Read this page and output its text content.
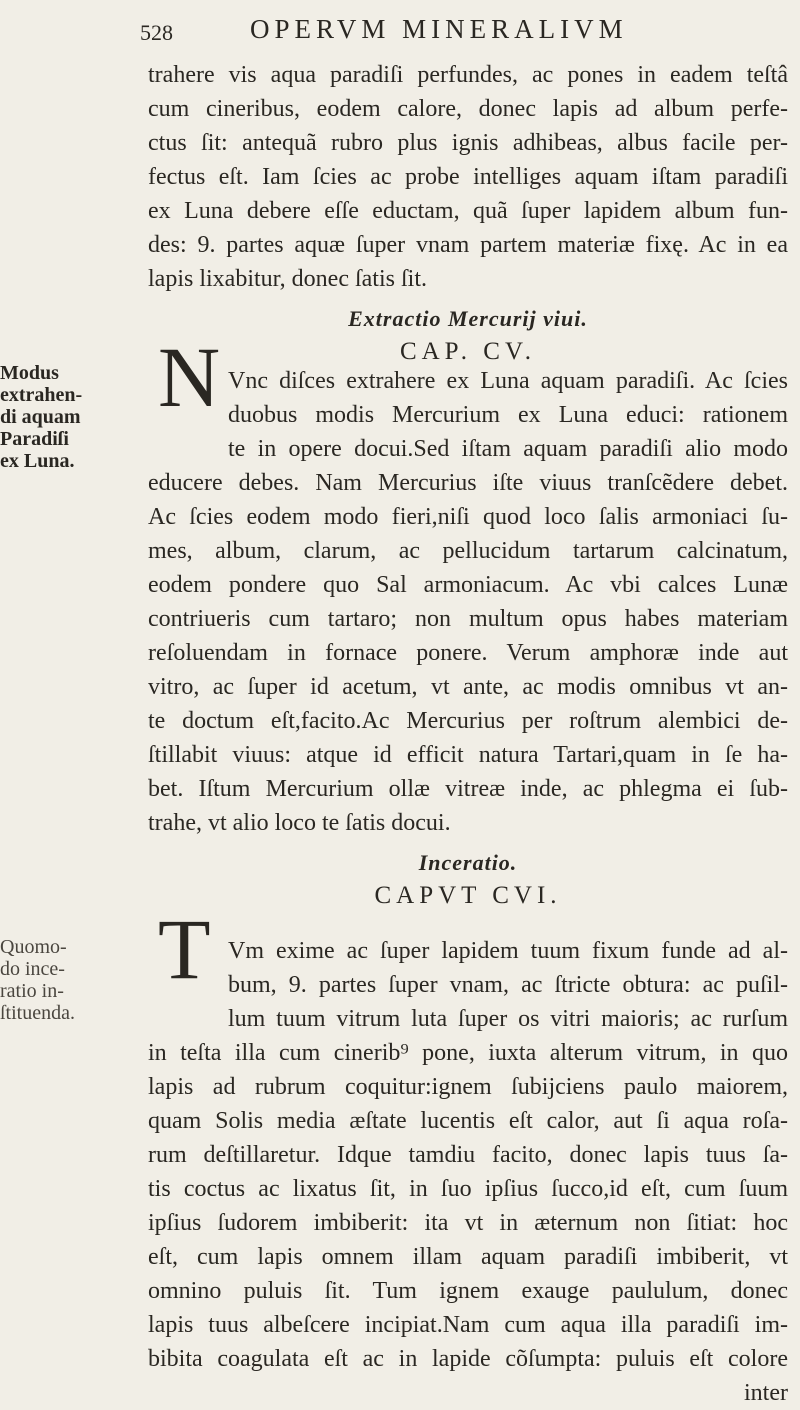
528	OPERVM MINERALIVM
trahere vis aqua paradiſi perfundes, ac pones in eadem teſtâ
cum cineribus, eodem calore, donec lapis ad album perfe-
ctus ſit: antequã rubro plus ignis adhibeas, albus facile per-
fectus eſt. Iam ſcies ac probe intelliges aquam iſtam paradiſi
ex Luna debere eſſe eductam, quã ſuper lapidem album fun-
des: 9. partes aquæ ſuper vnam partem materiæ fixę. Ac in ea
lapis lixabitur, donec ſatis ſit.
Extractio Mercurij viui.
CAP. CV.
Modus
extrahen-
di aquam
Paradiſi
ex Luna.
N Vnc diſces extrahere ex Luna aquam paradiſi. Ac ſcies
duobus modis Mercurium ex Luna educi: rationem
te in opere docui.Sed iſtam aquam paradiſi alio modo
educere debes. Nam Mercurius iſte viuus tranſcẽdere debet.
Ac ſcies eodem modo fieri,niſi quod loco ſalis armoniaci ſu-
mes, album, clarum, ac pellucidum tartarum calcinatum,
eodem pondere quo Sal armoniacum. Ac vbi calces Lunæ
contriueris cum tartaro; non multum opus habes materiam
reſoluendam in fornace ponere. Verum amphoræ inde aut
vitro, ac ſuper id acetum, vt ante, ac modis omnibus vt an-
te doctum eſt,facito.Ac Mercurius per roſtrum alembici de-
ſtillabit viuus: atque id efficit natura Tartari,quam in ſe ha-
bet. Iſtum Mercurium ollæ vitreæ inde, ac phlegma ei ſub-
trahe, vt alio loco te ſatis docui.
Inceratio.
CAPVT CVI.
Quomo-
do ince-
ratio in-
ſtituenda.
T Vm exime ac ſuper lapidem tuum fixum funde ad al-
bum, 9. partes ſuper vnam, ac ſtricte obtura: ac puſil-
lum tuum vitrum luta ſuper os vitri maioris; ac rurſum
in teſta illa cum cinerib⁹ pone, iuxta alterum vitrum, in quo
lapis ad rubrum coquitur:ignem ſubijciens paulo maiorem,
quam Solis media æſtate lucentis eſt calor, aut ſi aqua roſa-
rum deſtillaretur. Idque tamdiu facito, donec lapis tuus ſa-
tis coctus ac lixatus ſit, in ſuo ipſius ſucco,id eſt, cum ſuum
ipſius ſudorem imbiberit: ita vt in æternum non ſitiat: hoc
eſt, cum lapis omnem illam aquam paradiſi imbiberit, vt
omnino puluis ſit. Tum ignem exauge paululum, donec
lapis tuus albeſcere incipiat.Nam cum aqua illa paradiſi im-
bibita coagulata eſt ac in lapide cõſumpta: puluis eſt colore
inter
